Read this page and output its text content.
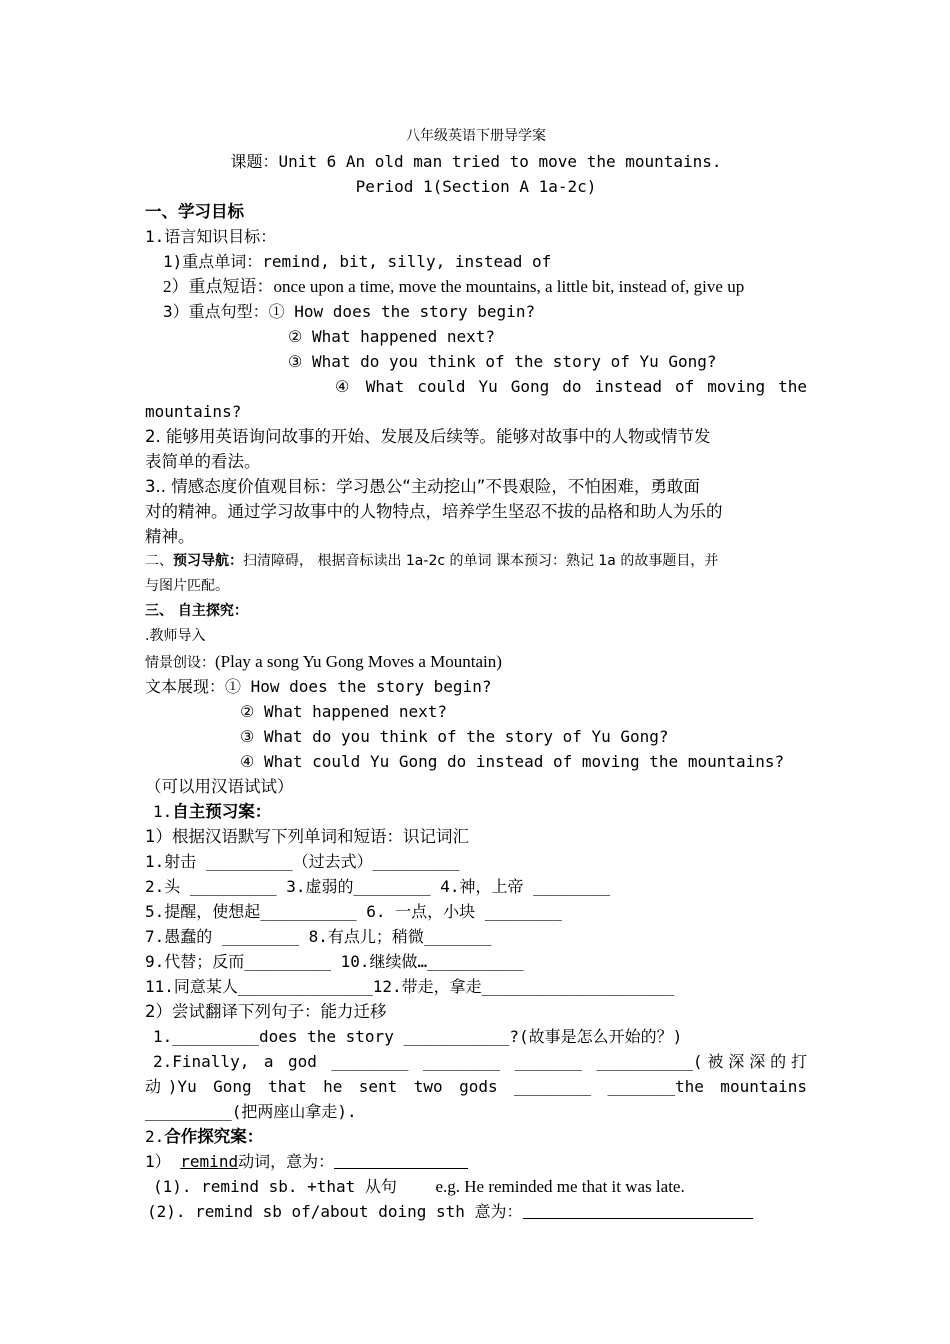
八年级英语下册导学案
课题：Unit 6 An old man tried to move the mountains.
Period 1(Section A 1a-2c)
一、学习目标
1.语言知识目标：
1)重点单词：remind, bit, silly, instead of
2）重点短语：once upon a time, move the mountains, a little bit, instead of, give up
3）重点句型：① How does the story begin?
② What happened next?
③ What do you think of the story of Yu Gong?
④ What could Yu Gong do instead of moving the
mountains?
2. 能够用英语询问故事的开始、发展及后续等。能够对故事中的人物或情节发
表简单的看法。
3.. 情感态度价值观目标：学习愚公“主动挖山”不畏艰险，不怕困难，勇敢面
对的精神。通过学习故事中的人物特点，培养学生坚忍不拔的品格和助人为乐的
精神。
二、预习导航：扫清障碍， 根据音标读出 1a-2c 的单词 课本预习：熟记 1a 的故事题目，并
与图片匹配。
三、 自主探究：
.教师导入
情景创设：(Play a song Yu Gong Moves a Mountain)
文本展现：① How does the story begin?
② What happened next?
③ What do you think of the story of Yu Gong?
④ What could Yu Gong do instead of moving the mountains?
（可以用汉语试试）
1.自主预习案：
1）根据汉语默写下列单词和短语：识记词汇
1.射击 _________（过去式）_________
2.头 _________ 3.虚弱的________ 4.神，上帝 ________
5.提醒，使想起__________ 6. 一点，小块 ________
7.愚蠢的 ________ 8.有点儿；稍微_______
9.代替；反而_________ 10.继续做…__________
11.同意某人______________12.带走，拿走____________________
2）尝试翻译下列句子：能力迁移
1._________does the story ___________?(故事是怎么开始的？)
2.Finally, a god ________ ________ _______ __________(被深深的打
动)Yu Gong that he sent two gods ________ _______the mountains
_________(把两座山拿走).
2.合作探究案：
1） remind动词，意为：
(1). remind sb. +that 从句 e.g. He reminded me that it was late.
(2). remind sb of/about doing sth 意为：
